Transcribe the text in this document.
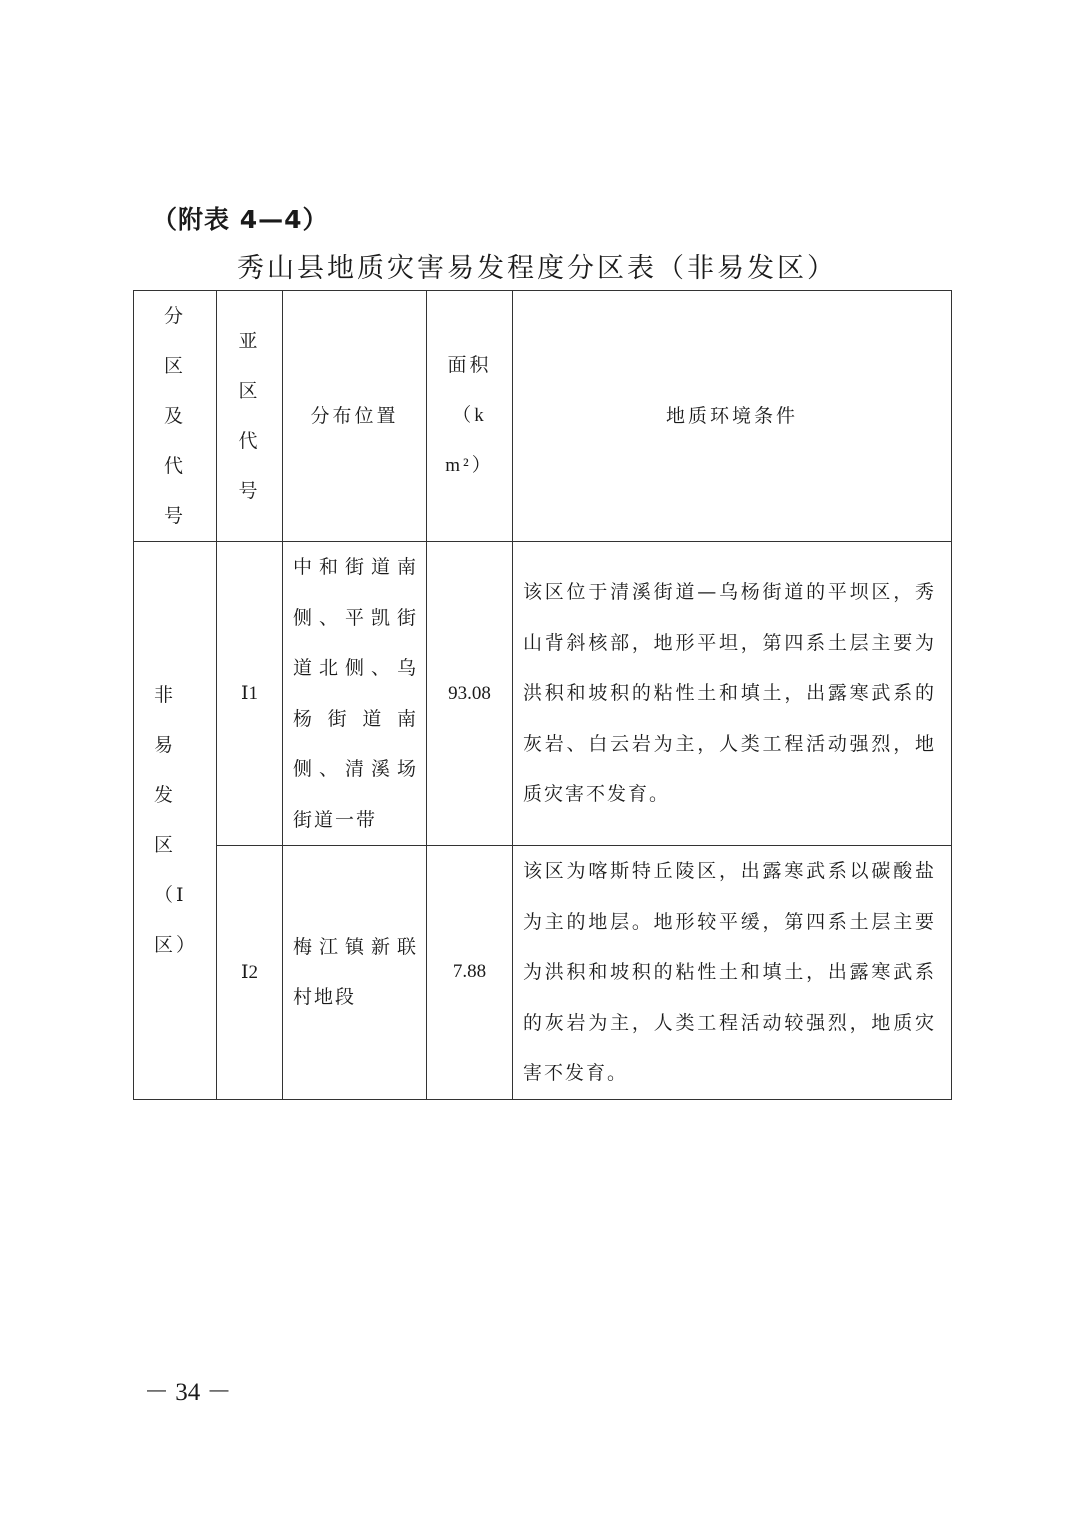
（附表 4—4）
秀山县地质灾害易发程度分区表（非易发区）
分区及代号	亚区代号	分布位置	面积（km²）	地质环境条件

非易发区（Ⅰ区）	Ⅰ1	中和街道南侧、平凯街道北侧、乌杨街道南侧、清溪场街道一带	93.08	该区位于清溪街道—乌杨街道的平坝区，秀山背斜核部，地形平坦，第四系土层主要为洪积和坡积的粘性土和填土，出露寒武系的灰岩、白云岩为主，人类工程活动强烈，地质灾害不发育。
	Ⅰ2	梅江镇新联村地段	7.88	该区为喀斯特丘陵区，出露寒武系以碳酸盐为主的地层。地形较平缓，第四系土层主要为洪积和坡积的粘性土和填土，出露寒武系的灰岩为主，人类工程活动较强烈，地质灾害不发育。
－ 34 －
